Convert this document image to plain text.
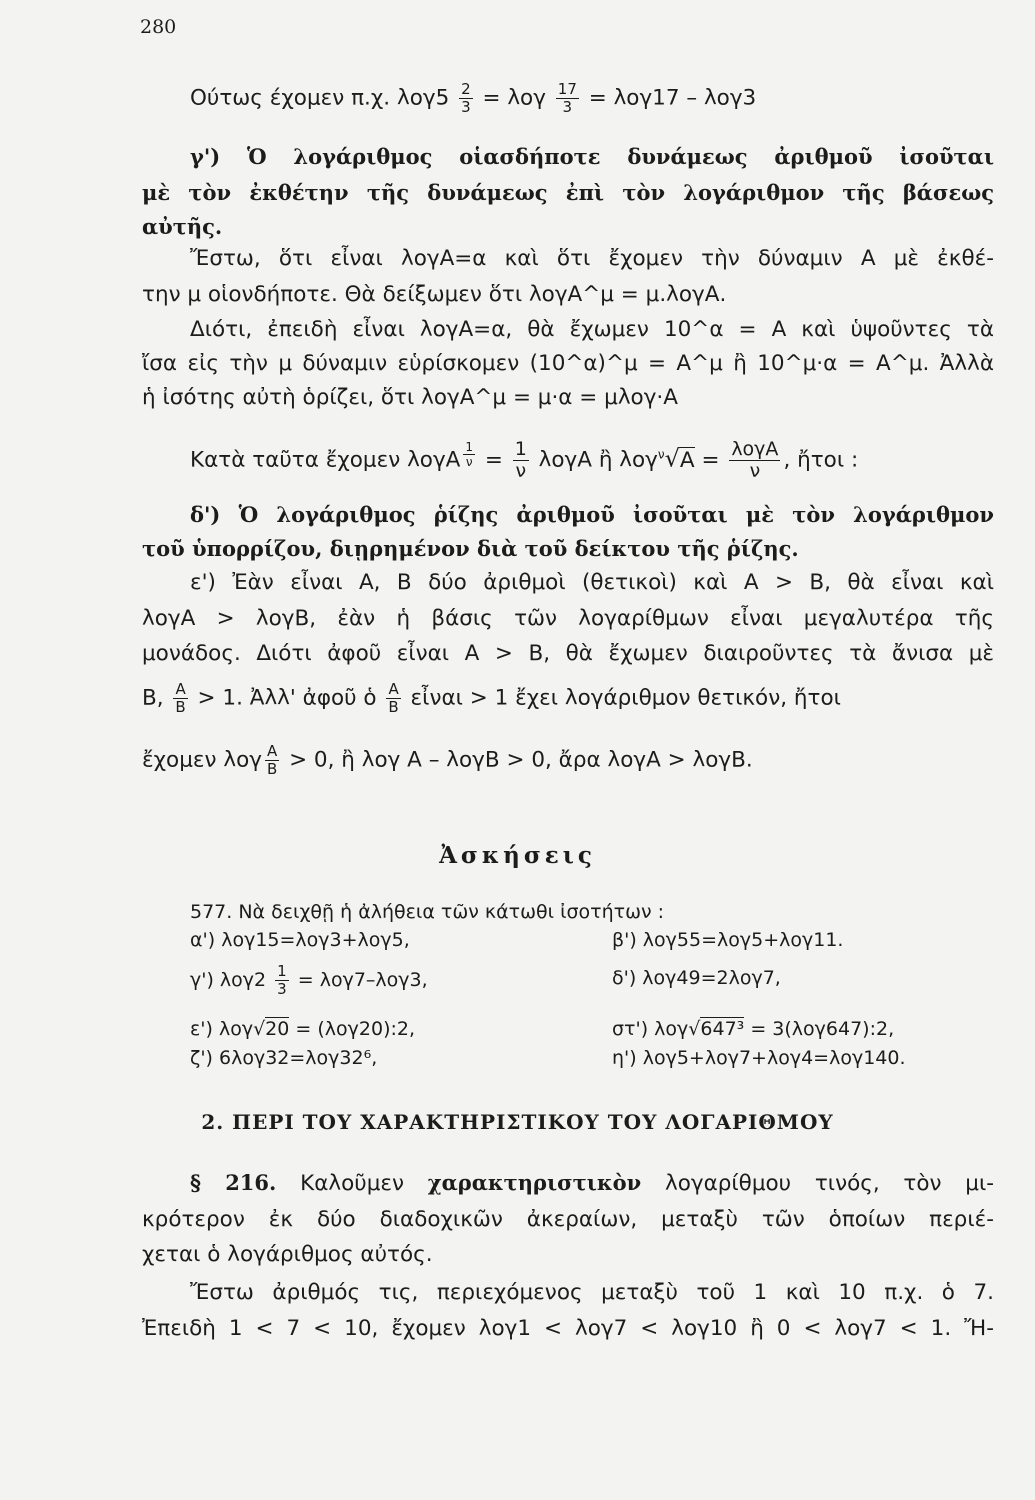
280
Ούτως έχομεν π.χ. $\lambda o\gamma 5 \frac{2}{3} = \lambda o\gamma \frac{17}{3} = \lambda o\gamma 17 - \lambda o\gamma 3$
γ') Ὁ λογάριθμος οἱασδήποτε δυνάμεως ἀριθμοῦ ἰσοῦται
μὲ τὸν ἐκθέτην τῆς δυνάμεως ἐπὶ τὸν λογάριθμον τῆς βάσεως
αὐτῆς.
Ἔστω, ὅτι εἶναι λογΑ=α καὶ ὅτι ἔχομεν τὴν δύναμιν Α μὲ ἐκθέ-
την μ οἱονδήποτε. Θὰ δείξωμεν ὅτι λογΑ^μ = μ.λογΑ.
Διότι, ἐπειδὴ εἶναι λογΑ=α, θὰ ἔχωμεν 10^α = Α καὶ ὑψοῦντες τὰ
ἴσα εἰς τὴν μ δύναμιν εὑρίσκομεν (10^α)^μ = Α^μ ἢ 10^μ·α = Α^μ. Ἀλλὰ
ἡ ἰσότης αὐτὴ ὁρίζει, ὅτι λογΑ^μ = μ·α = μλογ·Α
Κατὰ ταῦτα ἔχομεν λογΑ $^{\frac{1}{\nu}} = \frac{1}{\nu}$ λογΑ ἢ $\lambda o\gamma^\nu√A = \frac{\text{λογΑ}}{\nu}$ , ἤτοι :
δ') Ὁ λογάριθμος ῥίζης ἀριθμοῦ ἰσοῦται μὲ τὸν λογάριθμον
τοῦ ὑπορρίζου, διῃρημένον διὰ τοῦ δείκτου τῆς ῥίζης.
ε') Ἐὰν εἶναι Α, Β δύο ἀριθμοὶ (θετικοὶ) καὶ Α > Β, θὰ εἶναι καὶ
λογΑ > λογΒ, ἐὰν ἡ βάσις τῶν λογαρίθμων εἶναι μεγαλυτέρα τῆς
μονάδος. Διότι ἀφοῦ εἶναι Α > Β, θὰ ἔχωμεν διαιροῦντες τὰ ἄνισα μὲ
Β, $\frac{A}{B} > 1$. Ἀλλ' ἀφοῦ ὁ $\frac{A}{B}$ εἶναι > 1 ἔχει λογάριθμον θετικόν, ἤτοι
ἔχομεν λογ $\frac{A}{B} > 0$, ἢ λογ Α – λογΒ > 0, ἄρα λογΑ > λογΒ.
Ἀσκήσεις
577. Νὰ δειχθῇ ἡ ἀλήθεια τῶν κάτωθι ἰσοτήτων :
α') λογ15=λογ3+λογ5,	β') λογ55=λογ5+λογ11.
γ') $\lambda o\gamma 2 \frac{1}{3} = \lambda o\gamma 7-\lambda o\gamma 3$,	δ') λογ49=2λογ7,
ε') λογ√20 = (λογ20):2,	στ') λογ√647³ = 3(λογ647):2,
ζ') 6λογ32=λογ32⁶,	η') λογ5+λογ7+λογ4=λογ140.
2. ΠΕΡΙ ΤΟΥ ΧΑΡΑΚΤΗΡΙΣΤΙΚΟΥ ΤΟΥ ΛΟΓΑΡΙΘΜΟΥ
§ 216. Καλοῦμεν χαρακτηριστικὸν λογαρίθμου τινός, τὸν μι-
κρότερον ἐκ δύο διαδοχικῶν ἀκεραίων, μεταξὺ τῶν ὁποίων περιέ-
χεται ὁ λογάριθμος αὐτός.
Ἔστω ἀριθμός τις, περιεχόμενος μεταξὺ τοῦ 1 καὶ 10 π.χ. ὁ 7.
Ἐπειδὴ 1 < 7 < 10, ἔχομεν λογ1 < λογ7 < λογ10 ἢ 0 < λογ7 < 1. Ἤ-
